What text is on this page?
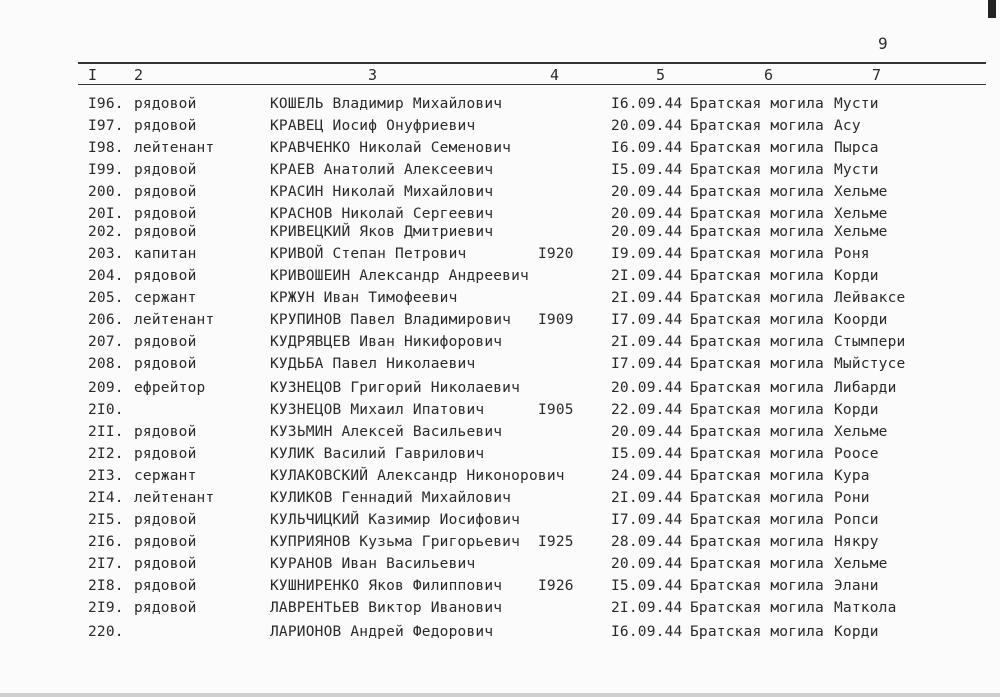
9
I 2	3	4	5	6	7
I96. рядовой	КОШЕЛЬ Владимир Михайлович	I6.09.44 Братская могила Мусти
I97. рядовой	КРАВЕЦ Иосиф Онуфриевич	20.09.44 Братская могила Асу
I98. лейтенант	КРАВЧЕНКО Николай Семенович	I6.09.44 Братская могила Пырса
I99. рядовой	КРАЕВ Анатолий Алексеевич	I5.09.44 Братская могила Мусти
200. рядовой	КРАСИН Николай Михайлович	20.09.44 Братская могила Хельме
20I. рядовой	КРАСНОВ Николай Сергеевич	20.09.44 Братская могила Хельме
202. рядовой	КРИВЕЦКИЙ Яков Дмитриевич	20.09.44 Братская могила Хельме
203. капитан	КРИВОЙ Степан Петрович	I920	I9.09.44 Братская могила Роня
204. рядовой	КРИВОШЕИН Александр Андреевич	2I.09.44 Братская могила Корди
205. сержант	КРЖУН Иван Тимофеевич	2I.09.44 Братская могила Лейваксе
206. лейтенант	КРУПИНОВ Павел Владимирович I909	I7.09.44 Братская могила Коорди
207. рядовой	КУДРЯВЦЕВ Иван Никифорович	2I.09.44 Братская могила Стымпери
208. рядовой	КУДЬБА Павел Николаевич	I7.09.44 Братская могила Мыйстусе
209. ефрейтор	КУЗНЕЦОВ Григорий Николаевич	20.09.44 Братская могила Либарди
2I0.	КУЗНЕЦОВ Михаил Ипатович	I905	22.09.44 Братская могила Корди
2II. рядовой	КУЗЬМИН Алексей Васильевич	20.09.44 Братская могила Хельме
2I2. рядовой	КУЛИК Василий Гаврилович	I5.09.44 Братская могила Роосе
2I3. сержант	КУЛАКОВСКИЙ Александр Никонорович	24.09.44 Братская могила Кура
2I4. лейтенант	КУЛИКОВ Геннадий Михайлович	2I.09.44 Братская могила Рони
2I5. рядовой	КУЛЬЧИЦКИЙ Казимир Иосифович	I7.09.44 Братская могила Ропси
2I6. рядовой	КУПРИЯНОВ Кузьма Григорьевич I925	28.09.44 Братская могила Някру
2I7. рядовой	КУРАНОВ Иван Васильевич	20.09.44 Братская могила Хельме
2I8. рядовой	КУШНИРЕНКО Яков Филиппович I926	I5.09.44 Братская могила Элани
2I9. рядовой	ЛАВРЕНТЬЕВ Виктор Иванович	2I.09.44 Братская могила Маткола
220.	ЛАРИОНОВ Андрей Федорович	I6.09.44 Братская могила Корди
